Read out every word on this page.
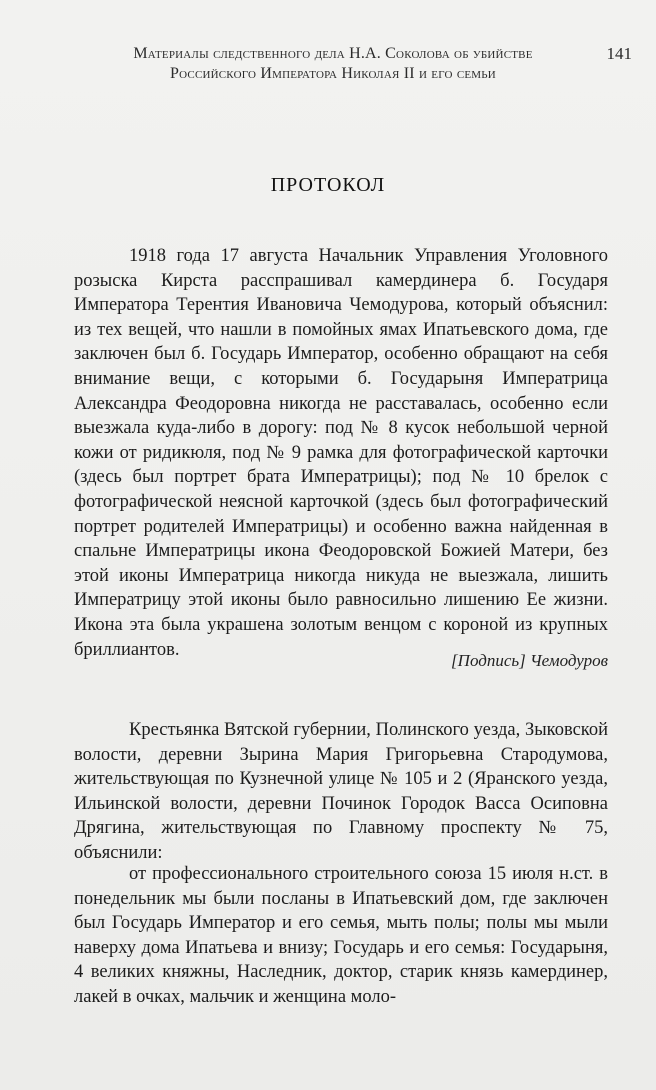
Материалы следственного дела Н.А. Соколова об убийстве
Российского Императора Николая II и его семьи
141
ПРОТОКОЛ

1918 года 17 августа Начальник Управления Уголовного розыска Кирста расспрашивал камердинера б. Государя Императора Терентия Ивановича Чемодурова, который объяснил: из тех вещей, что нашли в помойных ямах Ипатьевского дома, где заключен был б. Государь Император, особенно обращают на себя внимание вещи, с которыми б. Государыня Императрица Александра Феодоровна никогда не расставалась, особенно если выезжала куда-либо в дорогу: под № 8 кусок небольшой черной кожи от ридикюля, под № 9 рамка для фотографической карточки (здесь был портрет брата Императрицы); под № 10 брелок с фотографической неясной карточкой (здесь был фотографический портрет родителей Императрицы) и особенно важна найденная в спальне Императрицы икона Феодоровской Божией Матери, без этой иконы Императрица никогда никуда не выезжала, лишить Императрицу этой иконы было равносильно лишению Ее жизни. Икона эта была украшена золотым венцом с короной из крупных бриллиантов.

[Подпись] Чемодуров

Крестьянка Вятской губернии, Полинского уезда, Зыковской волости, деревни Зырина Мария Григорьевна Стародумова, жительствующая по Кузнечной улице № 105 и 2 (Яранского уезда, Ильинской волости, деревни Починок Городок Васса Осиповна Дрягина, жительствующая по Главному проспекту № 75, объяснили:

от профессионального строительного союза 15 июля н.ст. в понедельник мы были посланы в Ипатьевский дом, где заключен был Государь Император и его семья, мыть полы; полы мы мыли наверху дома Ипатьева и внизу; Государь и его семья: Государыня, 4 великих княжны, Наследник, доктор, старик князь камердинер, лакей в очках, мальчик и женщина моло-
